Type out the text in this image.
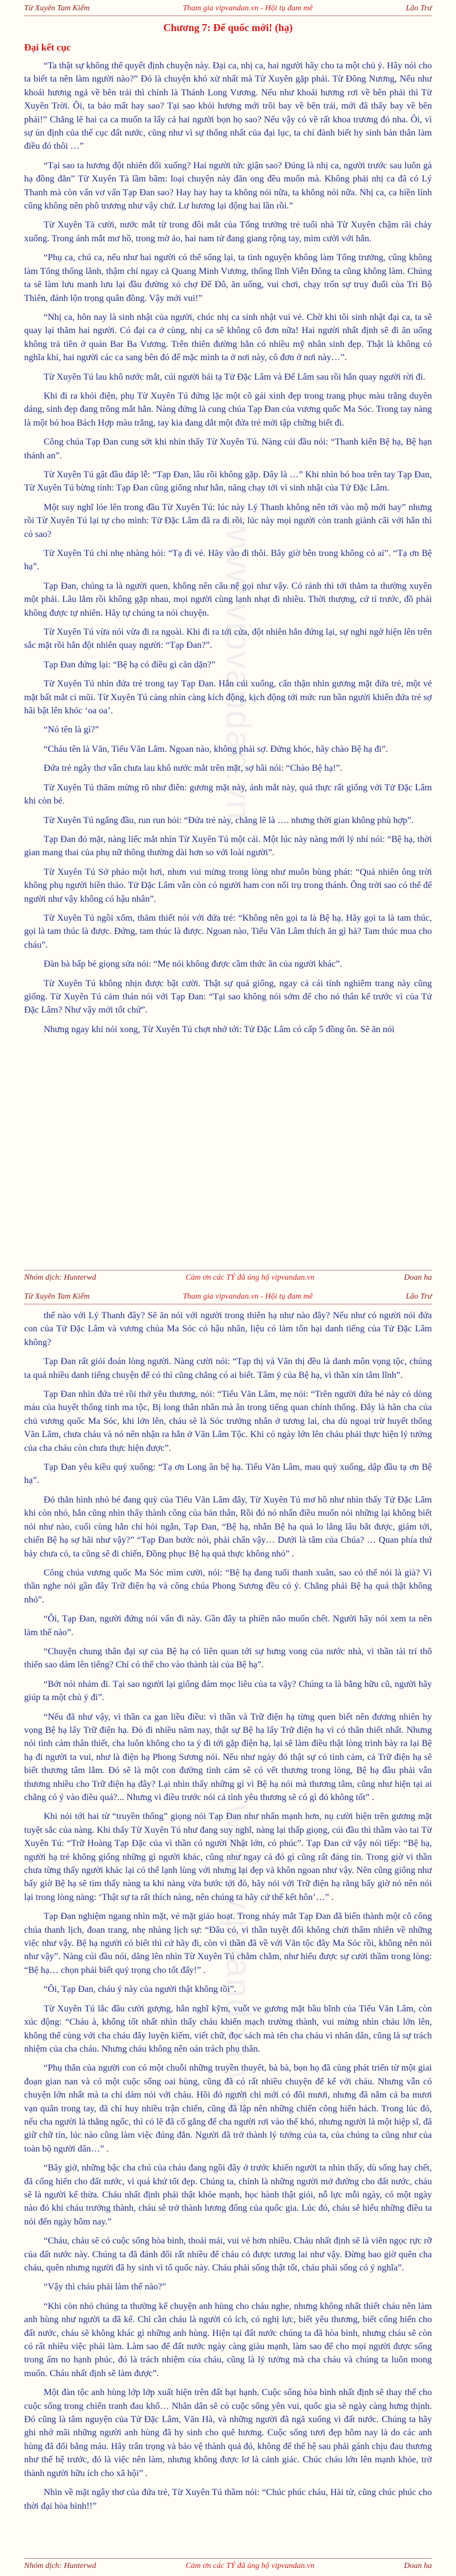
Từ Xuyên Tam Kiếm	Tham gia vipvandan.vn - Hội tụ đam mê	Lão Trư
www.vipvandan.vn
Chương 7: Đế quốc mới! (hạ)
Đại kết cục

“Ta thật sự không thể quyết định chuyện này. Đại ca, nhị ca, hai người hãy cho ta một chủ ý. Hãy nói cho ta biết ta nên làm người nào?” Đó là chuyện khó xử nhất mà Từ Xuyên gặp phải. Từ Đông Nương, Nếu như khoái hương ngả về bên trái thì chính là Thánh Long Vương. Nếu như khoái hương rơi về bên phải thì Từ Xuyên Trời. Ôi, ta bảo mất hay sao? Tại sao khói hương mới trôi bay về bên trái, mới đã thấy bay về bên phải!” Chẳng lẽ hai ca ca muốn ta lấy cả hai người bọn họ sao? Nếu vậy có về rất khoa trương đó nha. Ôi, vì sự ủn định của thế cục đất nước, cũng như vì sự thống nhất của đại lục, ta chỉ đành biết hy sinh bản thân làm điều đó thôi …”

“Tại sao ta hương đột nhiên đổi xuống? Hai người tức giận sao? Đúng là nhị ca, người trước sau luôn gà hạ đồng đẳn” Từ Xuyên Tà lầm bầm: loại chuyện này đăn ong đều muốn mà. Không phải nhị ca đã có Lý Thanh mà còn vấn vơ vấn Tạp Đan sao? Hay hay hay ta không nói nữa, ta không nói nữa. Nhị ca, ca hiền lính cũng không nên phô trương như vậy chứ. Lư hương lại động hai lần rồi.”

Từ Xuyên Tà cười, nước mắt từ trong đôi mắt của Tống trưởng trẻ tuổi nhà Từ Xuyên chậm rãi chảy xuống. Trong ánh mắt mơ hồ, trong mờ ảo, hai nam tử đang giang rộng tay, mìm cười với hắn.

“Phụ ca, chú ca, nếu như hai người có thể sống lại, ta tình nguyện không làm Tổng trưởng, cũng không làm Tổng thống lãnh, thậm chí ngay cả Quang Minh Vương, thống lĩnh Viễn Đông ta cũng không làm. Chúng ta sẽ làm lưu manh lưu lại đầu đường xó chợ Đế Đô, ăn uống, vui chơi, chạy trốn sự truy đuổi của Tri Bộ Thiên, đánh lộn trọng quân đồng. Vậy mới vui!”

“Nhị ca, hôn nay là sinh nhật của người, chúc nhị ca sinh nhật vui vẻ. Chờ khi tôi sinh nhật đại ca, ta sẽ quay lại thăm hai người. Có đại ca ở cùng, nhị ca sẽ không cô đơn nữa! Hai người nhất định sẽ đi ăn uống không trả tiền ở quán Bar Ba Vương. Trên thiên đường hẳn có nhiều mỹ nhân sinh đẹp. Thật là không có nghĩa khí, hai người các ca sang bên đó để mặc mình ta ở nơi này, cô đơn ở nơi này…”.

Từ Xuyên Tú lau khô nước mắt, cúi người bái tạ Tử Đặc Lâm và Đế Lâm sau rồi hắn quay người rời đi.

Khi đi ra khỏi điện, phụ Từ Xuyên Tú đứng lặc một cô gái xinh đẹp trong trang phục màu trắng duyên dáng, sinh đẹp đang trông mắt hắn. Nàng đứng là cung chúa Tạp Đan của vương quốc Ma Sóc. Trong tay nàng là một bó hoa Bách Hợp màu trắng, tay kia đang dắt một đứa trẻ mới tập chững biết đi.

Công chúa Tạp Đan cung sớt khi nhìn thấy Từ Xuyên Tú. Nàng cúi đầu nói: “Thanh kiến Bệ hạ, Bệ hạn thánh an”.

Từ Xuyên Tú gật đầu đáp lễ: “Tạp Đan, lâu rồi không gặp. Đây là …” Khi nhìn bó hoa trên tay Tạp Đan, Từ Xuyên Tú bừng tỉnh: Tạp Đan cũng giống như hắn, năng chạy tới vì sinh nhật của Tử Đặc Lâm.

Một suy nghĩ lóe lên trong đầu Từ Xuyên Tú: lúc này Lý Thanh không nên tới vào mộ mới hay” nhưng rồi Từ Xuyên Tú lại tự cho mình: Tử Đặc Lâm đã ra đi rồi, lúc này mọi người còn tranh giành cãi với hắn thì có sao?

Từ Xuyên Tú chỉ nhẹ nhàng hỏi: “Tạ đi vẻ. Hãy vào đi thôi. Bây giờ bên trong không có ai”. “Tạ ơn Bệ hạ”.

Tạp Đan, chúng ta là người quen, không nên câu nệ gọi như vậy. Có rảnh thì tới thăm ta thường xuyên một phái. Lâu lắm rồi không gặp nhau, mọi người cùng lạnh nhạt đi nhiều. Thời thượng, cứ tỉ trước, đồ phải không được tự nhiên. Hãy tự chúng ta nói chuyện.

Từ Xuyên Tú vừa nói vừa đi ra ngoài. Khi đi ra tới cửa, đột nhiên hắn đứng lại, sự nghi ngờ hiện lên trên sắc mặt rồi hắn đột nhiên quay người: “Tạp Đan?”.

Tạp Đan đứng lại: “Bệ hạ có điều gì căn dặn?”

Từ Xuyên Tú nhìn đứa trẻ trong tay Tạp Đan. Hắn cúi xuống, cẩn thận nhìn gương mặt đứa trẻ, một vẻ mặt bất mắt ci mũi. Từ Xuyên Tú càng nhìn càng kích động, kịch động tới mức run bần người khiến đứa trẻ sợ hãi bật lên khóc ‘oa oa’.

“Nó tên là gì?”

“Cháu tên là Văn, Tiểu Văn Lâm. Ngoan nào, không phải sợ. Đứng khóc, hãy chào Bệ hạ đi”.

Đứa trẻ ngây thơ vẫn chưa lau khô nước mắt trên mặt, sợ hãi nói: “Chào Bệ hạ!”.

Từ Xuyên Tú thăm mừng rõ như điên: gương mặt này, ánh mắt này, quả thực rất giống với Tử Đặc Lâm khi còn bé.

Từ Xuyên Tú ngẩng đầu, run run hỏi: “Đứa trẻ này, chẳng lẽ là …. nhưng thời gian không phù hợp”.

Tạp Đan đỏ mặt, nàng liếc mắt nhìn Từ Xuyên Tú một cái. Một lúc này nàng mới lý nhí nói: “Bệ hạ, thời gian mang thai của phụ nữ thông thường dài hơn so với loài người”.

Từ Xuyên Tú Sở phảo một hơi, nhưn vui mừng trong lòng như muôn bùng phát: “Quả nhiên ông trời không phụ người hiền thảo. Tử Đặc Lâm vẫn còn có người ham con nối trụ trong thánh. Ông trời sao có thể để người như vậy không có hậu nhân”.

Từ Xuyên Tú ngồi xổm, thăm thiết nói với đứa trẻ: “Không nên gọi ta là Bệ hạ. Hãy gọi ta là tam thúc, gọi là tam thúc là được. Đứng, tam thúc là được. Ngoan nào, Tiểu Văn Lâm thích ăn gì hả? Tam thúc mua cho cháu”.

Đàn bà bấp bẻ giọng sửa nói: “Mẹ nói không được cầm thức ăn của người khác”.

Từ Xuyên Tú không nhịn được bật cười. Thật sự quá giống, ngay cả cái tính nghiêm trang này cũng giống. Từ Xuyên Tú cảm thán nói với Tạp Đan: “Tại sao không nói sớm để cho nó thân kế trước vì của Tử Đặc Lâm? Như vậy mới tốt chứ”.

Nhưng ngay khi nói xong, Từ Xuyên Tú chợt nhớ tới: Tử Đặc Lâm có cấp 5 đồng ôn. Sẽ ăn nói

Nhóm dịch: Hunterwd	Cảm ơn các TỶ đã ủng hộ vipvandan.vn	Doan ha
Từ Xuyên Tam Kiếm	Tham gia vipvandan.vn - Hội tụ đam mê	Lão Trư
www.vipvandan.vn

thế nào với Lý Thanh đây? Sẽ ăn nói với người trong thiên hạ như nào đây? Nếu như có người nói đứa con của Tử Đặc Lâm và vương chủa Ma Sóc có hậu nhân, liệu có làm tổn hại danh tiếng của Tử Đặc Lâm không?

Tạp Đan rất giỏi đoán lòng người. Nàng cười nói: “Tạp thị và Văn thị đều là danh môn vọng tộc, chúng ta quá nhiều danh tiếng chuyện để có thì cũng chẳng có ai biết. Tâm ý của Bệ hạ, vì thần xin tâm lĩnh”.

Tạp Đan nhìn đứa trẻ rồi thở yêu thương, nói: “Tiểu Văn Lâm, mẹ nói: “Trên người đứa bé này có dòng máu của huyết thống tinh ma tộc, Bị long thân nhân mà ân trong tiếng quan chính thống. Đây là hãn cha của chủ vương quốc Ma Sóc, khi lớn lên, cháu sẽ là Sóc trưởng nhân ở tương lai, cha dù ngoại trừ huyết thống Văn Lâm, chưa cháu và nó nên nhận ra hắn ở Văn Lâm Tộc. Khi có ngày lớn lên cháu phải thực hiện lý tưởng của cha cháu còn chưa thực hiện được”.

Tạp Đan yêu kiều quý xuống: “Tạ ơn Long ân bệ hạ. Tiểu Văn Lâm, mau quỳ xuống, dập đầu tạ ơn Bệ hạ”.

Đó thằn hình nhỏ bé đang quỳ của Tiểu Văn Lâm đây, Từ Xuyên Tú mơ hồ như nhìn thấy Tử Đặc Lâm khi còn nhỏ, hắn cũng nhìn thấy thành công của bản thân, Rồi đó nó nhấn điều muốn nói những lại không biết nói như nào, cuối cùng hắn chỉ hỏi ngắn, Tạp Đan, “Bệ hạ, nhẫn Bệ hạ quá lo lắng lâu bắt được, giám tới, chiến Bệ hạ sợ hãi như vậy?” “Tạp Đan bước nói, phải chẩn vậy… Dưới là tâm của Chúa? … Quan phía thứ bảy chưa có, ta cũng sẽ đi chiến, Đồng phục Bệ hạ quả thực không nhỏ” .

Công chúa vương quốc Ma Sóc mìm cười, nói: “Bệ hạ đang tuổi thanh xuân, sao có thể nói là già? Vì thần nghe nói gần đây Trữ điện hạ và công chúa Phong Sương đều có ý. Chẳng phải Bệ hạ quá thật không nhỏ”.

“Ôi, Tạp Đan, người đứng nói vẩn đi này. Gần đây ta phiền não muốn chết. Người hãy nói xem ta nên làm thế nào”.

“Chuyện chung thân đại sự của Bệ hạ có liên quan tới sự hưng vong của nước nhà, vì thần tài trí thô thiển sao dám lên tiếng? Chỉ có thể cho vào thành tài của Bệ hạ”.

“Bớt nói nhảm đi. Tại sao người lại giống đám mọc liêu của ta vậy? Chúng ta là bằng hữu cũ, người hãy giúp ta một chủ ý đi”.

“Nếu đã như vậy, vì thần ca gan liều điều: vì thần và Trữ điện hạ từng quen biết nên đương nhiên hy vọng Bệ hạ lấy Trữ điện hạ. Đó đi nhiều năm nay, thật sự Bệ hạ lấy Trữ điện hạ vì có thân thiết nhất. Nhưng nói tình cảm thân thiết, cha luôn không cho ta ý đi tới gặp điện hạ, lại sẽ làm điều thật lòng trình bày ra lại Bệ hạ đi người ta vui, như là điện hạ Phong Sương nói. Nếu như ngày đó thật sự có tình cảm, cả Trữ điện hạ sẽ biết thương tâm lắm. Đó sẽ là một con đường tình cảm sẽ có vết thương trong lòng, Bệ hạ đầu phải vẫn thương nhiều cho Trữ điện hạ đây? Lại nhìn thấy những gì vì Bệ hạ nói mà thương tâm, cũng như hiện tại ai chẳng có ý vào điều quá?... Nhưng vì điều trước nói cả tình yêu thương sẽ có gì đó không tốt” .

Khi nói tới hai từ “truyền thống” giọng nói Tạp Đan như nhấn mạnh hơn, nụ cười hiện trên gương mặt tuyệt sắc của nàng. Khi thấy Từ Xuyên Tú như đang suy nghĩ, nàng lại thấp giọng, cúi đầu thì thầm vào tai Từ Xuyên Tú: “Trữ Hoàng Tạp Đặc của vì thần có người Nhật lớn, có phúc”. Tạp Đan cứ vậy nói tiếp: “Bệ hạ, người hạ trẻ không giống những gì người khác, cũng như ngay cả đó gì cũng rất đáng tin. Trong giờ vì thần chưa từng thấy người khác lại có thể lạnh lùng với nhưng lại đẹp và khôn ngoan như vậy. Nên cũng giống như bấy giờ Bệ hạ sẽ tìm thấy nàng ta khi nàng vừa bước tới đó, hãy nói với Trữ điện hạ rằng bấy giờ nó nên nói lại trong lòng nàng: ‘Thật sự ta rất thích nàng, nên chúng ta hãy cứ thế kết hôn’…” .

Tạp Đan nghiệm ngang nhìn mặt, vẻ mặt giảo hoạt. Trong nháy mắt Tạp Đan đã biến thành một cô công chúa thanh lịch, đoan trang, nhẹ nhàng lịch sự: “Đâu có, vì thần tuyệt đối không chửi thẩm nhiên về những việc như vậy. Bệ hạ người có biết thì cứ hãy đi, còn vì thần đã về với Văn tộc đây Ma Sóc rồi, không nên nói như vậy”. Nàng cúi đầu nói, dâng lên nhìn Từ Xuyên Tú chằm chằm, như hiểu được sự cười thầm trong lòng: “Bệ hạ… chọn phải biết quý trọng cho tốt đấy!” .

“Ôi, Tạp Đan, cháu ý này của người thật không tồi”.

Từ Xuyên Tú lắc đầu cười gượng, hắn nghĩ kỹm, vuốt ve gương mặt bầu bĩnh của Tiểu Văn Lâm, còn xúc động: “Cháu à, khổng tốt nhất nhìn thấy cháu khiến mạch trường thành, vui mừng nhìn cháu lớn lên, không thể cùng với cha cháu đây luyện kiếm, viết chữ, đọc sách mà tên cha cháu vì nhân dân, cũng là sự trách nhiệm của cha cháu. Nhưng cháu không nên oán trách phụ thân.

“Phụ thân của người con có một chuỗi những truyền thuyết, bà bà, bọn họ đã cùng phát triển từ một giai đoạn gian nan và có một cuộc sống oai hùng, cũng đã có rất nhiều chuyện để kể với cháu. Nhưng vẫn có chuyện lớn nhất mà ta chỉ dám nói với cháu. Hồi đó người chỉ mới có đôi mươi, nhưng đã nắm cả ba mươi vạn quân trong tay, đã chỉ huy nhiều trận chiến, cũng đã lập nên những chiến công hiển hách. Trong lúc đó, nếu cha người là thằng ngốc, thì có lẽ đã cố gắng để cha người rơi vào thế khó, nhưng người là một hiệp sĩ, đã giữ chữ tín, lúc nào cũng làm việc đúng đắn. Người đã trở thành lý tưởng của ta, của chúng ta cũng như của toàn bộ người dân…” .

“Bây giờ, những bậc cha chú của cháu đang ngồi đây ở trước khiến người ta nhìn thấy, dù sống hay chết, đã cống hiến cho đất nước, vì quá khứ tốt đẹp. Chúng ta, chính là những người mở đường cho đất nước, cháu sẽ là người kế thừa. Cháu nhất định phải thật khỏe mạnh, học hành thật giỏi, nỗ lực mỗi ngày, có một ngày nào đó khi cháu trưởng thành, cháu sẽ trở thành lương đống của quốc gia. Lúc đó, cháu sẽ hiểu những điều ta nói đến ngày hôm nay.”

“Cháu, cháu sẽ có cuộc sống hòa bình, thoải mái, vui vẻ hơn nhiều. Cháu nhất định sẽ là viên ngọc rực rỡ của đất nước này. Chúng ta đã đánh đổi rất nhiều để cháu có được tương lai như vậy. Đừng bao giờ quên cha cháu, quên nhưng người đã hy sinh vì tổ quốc này. Cháu phải sống thật tốt, cháu phải sống có ý nghĩa”.

“Vậy thì cháu phải làm thế nào?”

“Khi còn nhỏ chúng ta thường kể chuyện anh hùng cho cháu nghe, nhưng không nhất thiết cháu nên làm anh hùng như người ta đã kể. Chỉ cần cháu là người có ích, có nghị lực, biết yêu thương, biết cống hiến cho đất nước, cháu sẽ không khác gì những anh hùng. Hiện tại đất nước chúng ta đã hòa bình, nhưng cháu sẽ còn có rất nhiều việc phải làm. Làm sao để đất nước ngày càng giàu mạnh, làm sao để cho mọi người được sống trong ấm no hạnh phúc, đó là trách nhiệm của cháu, cũng là lý tưởng mà cha cháu và chúng ta luôn mong muốn. Cháu nhất định sẽ làm được”.

Một đàn tộc anh hùng lớp lớp xuất hiện trên đất bạt hạnh. Cuộc sống hòa bình nhất định sẽ thay thế cho cuộc sống trong chiến tranh đau khổ… Nhân dân sẽ có cuộc sống yên vui, quốc gia sẽ ngày càng hưng thịnh. Đó cũng là tâm nguyện của Tử Đặc Lâm, Văn Hà, và những người đã ngã xuống vì đất nước. Chúng ta hãy ghi nhớ mãi những người anh hùng đã hy sinh cho quê hương. Cuộc sống tươi đẹp hôm nay là do các anh hùng đã đổi bằng máu. Hãy trân trọng và bảo vệ thành quả đó, không để thế hệ sau phải gánh chịu đau thương như thế hệ trước, đó là việc nên làm, nhưng không được lơ là cảnh giác. Chúc cháu lớn lên mạnh khỏe, trở thành người hữu ích cho xã hội” .

Nhìn về mặt ngây thơ của đứa trẻ, Từ Xuyên Tú thầm nói: “Chúc phúc cháu, Hài tử, cũng chúc phúc cho thời đại hòa bình!!”

Nhóm dịch: Hunterwd	Cảm ơn các TỶ đã ủng hộ vipvandan.vn	Doan ha
